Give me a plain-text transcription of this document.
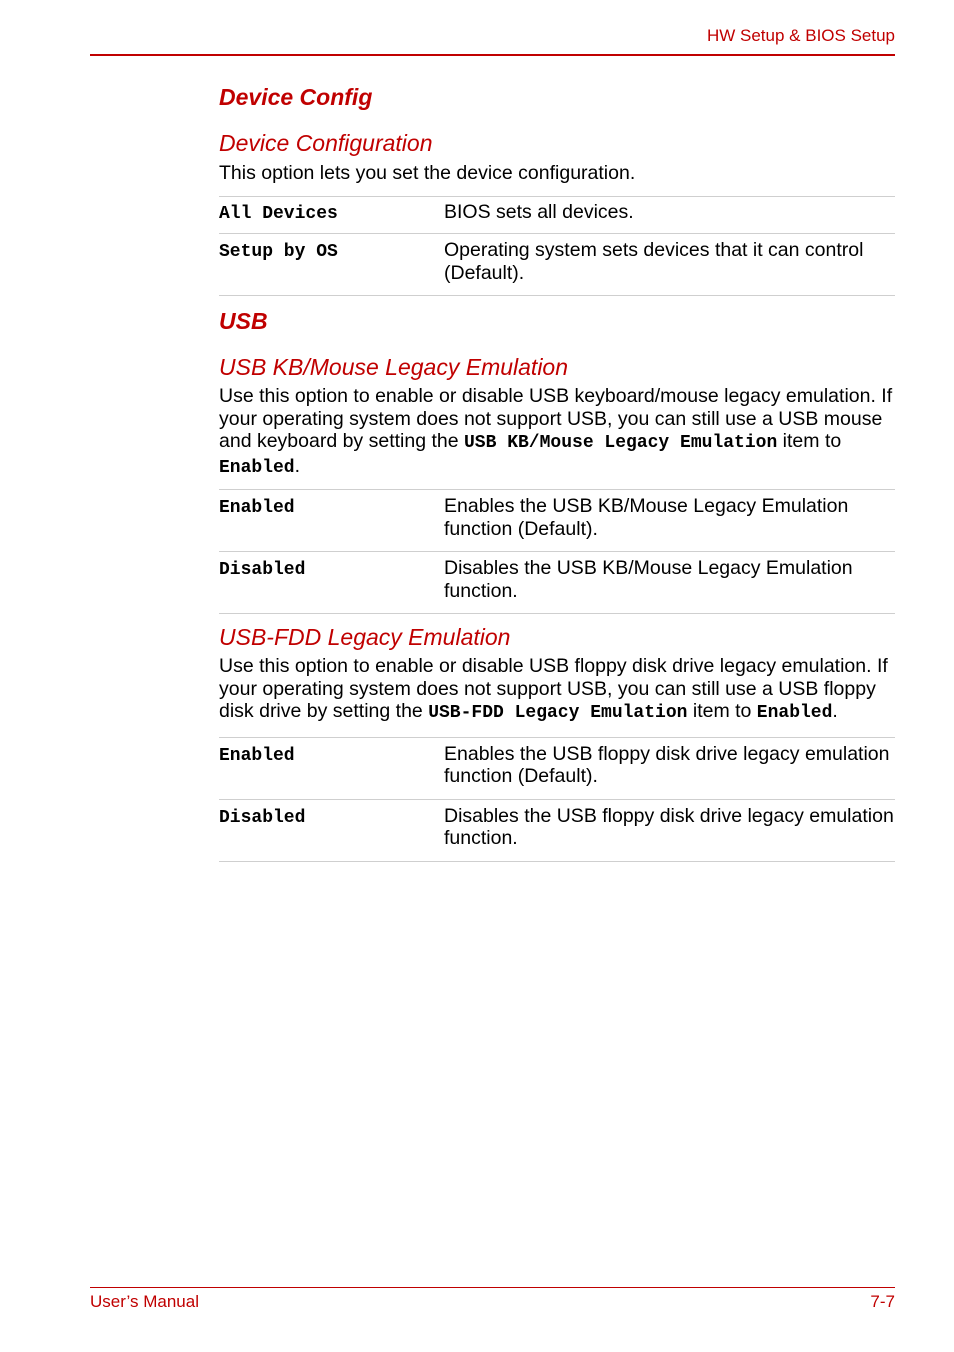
HW Setup & BIOS Setup
Device Config
Device Configuration

This option lets you set the device configuration.

All Devices	BIOS sets all devices.
Setup by OS	Operating system sets devices that it can control (Default).
USB
USB KB/Mouse Legacy Emulation

Use this option to enable or disable USB keyboard/mouse legacy emulation. If your operating system does not support USB, you can still use a USB mouse and keyboard by setting the USB KB/Mouse Legacy Emulation item to Enabled.

Enabled	Enables the USB KB/Mouse Legacy Emulation function (Default).
Disabled	Disables the USB KB/Mouse Legacy Emulation function.
USB-FDD Legacy Emulation

Use this option to enable or disable USB floppy disk drive legacy emulation. If your operating system does not support USB, you can still use a USB floppy disk drive by setting the USB-FDD Legacy Emulation item to Enabled.

Enabled	Enables the USB floppy disk drive legacy emulation function (Default).
Disabled	Disables the USB floppy disk drive legacy emulation function.
User’s Manual	7-7
